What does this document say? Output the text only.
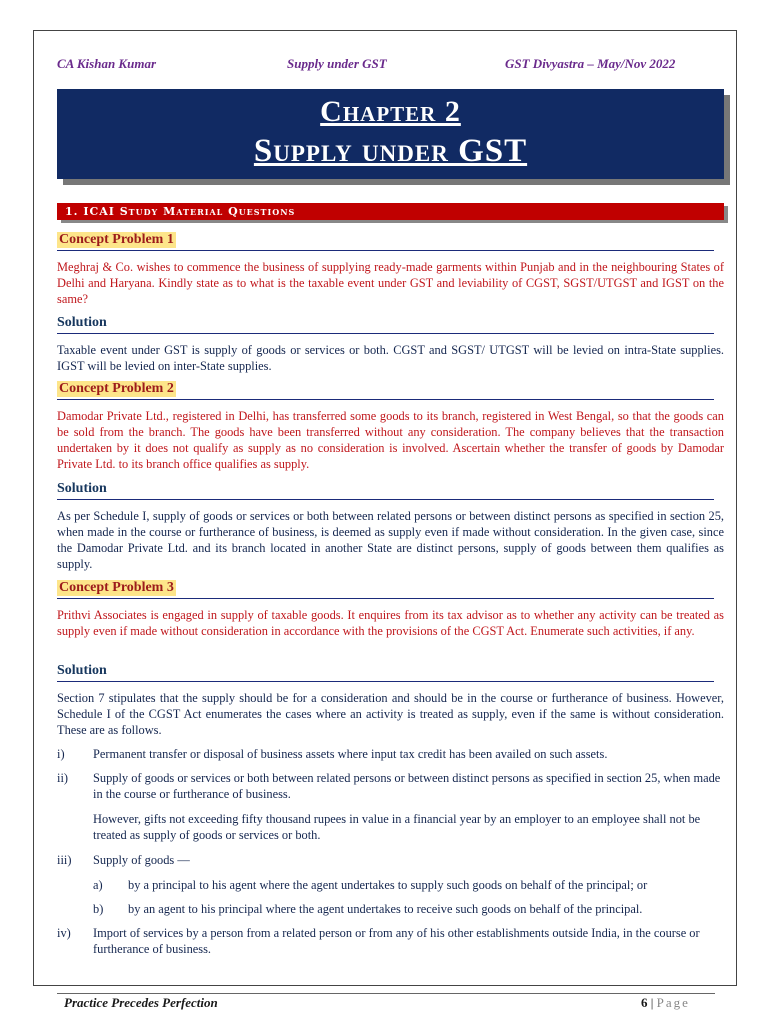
CA Kishan Kumar	Supply under GST	GST Divyastra – May/Nov 2022
Chapter 2
Supply under GST
1. ICAI Study Material Questions
Concept Problem 1
Meghraj & Co. wishes to commence the business of supplying ready-made garments within Punjab and in the neighbouring States of Delhi and Haryana. Kindly state as to what is the taxable event under GST and leviability of CGST, SGST/UTGST and IGST on the same?
Solution
Taxable event under GST is supply of goods or services or both. CGST and SGST/ UTGST will be levied on intra-State supplies. IGST will be levied on inter-State supplies.
Concept Problem 2
Damodar Private Ltd., registered in Delhi, has transferred some goods to its branch, registered in West Bengal, so that the goods can be sold from the branch. The goods have been transferred without any consideration. The company believes that the transaction undertaken by it does not qualify as supply as no consideration is involved. Ascertain whether the transfer of goods by Damodar Private Ltd. to its branch office qualifies as supply.
Solution
As per Schedule I, supply of goods or services or both between related persons or between distinct persons as specified in section 25, when made in the course or furtherance of business, is deemed as supply even if made without consideration. In the given case, since the Damodar Private Ltd. and its branch located in another State are distinct persons, supply of goods between them qualifies as supply.
Concept Problem 3
Prithvi Associates is engaged in supply of taxable goods. It enquires from its tax advisor as to whether any activity can be treated as supply even if made without consideration in accordance with the provisions of the CGST Act. Enumerate such activities, if any.
Solution
Section 7 stipulates that the supply should be for a consideration and should be in the course or furtherance of business. However, Schedule I of the CGST Act enumerates the cases where an activity is treated as supply, even if the same is without consideration. These are as follows.
i) Permanent transfer or disposal of business assets where input tax credit has been availed on such assets.
ii) Supply of goods or services or both between related persons or between distinct persons as specified in section 25, when made in the course or furtherance of business.
However, gifts not exceeding fifty thousand rupees in value in a financial year by an employer to an employee shall not be treated as supply of goods or services or both.
iii) Supply of goods —
a) by a principal to his agent where the agent undertakes to supply such goods on behalf of the principal; or
b) by an agent to his principal where the agent undertakes to receive such goods on behalf of the principal.
iv) Import of services by a person from a related person or from any of his other establishments outside India, in the course or furtherance of business.
Practice Precedes Perfection	6 | Page
